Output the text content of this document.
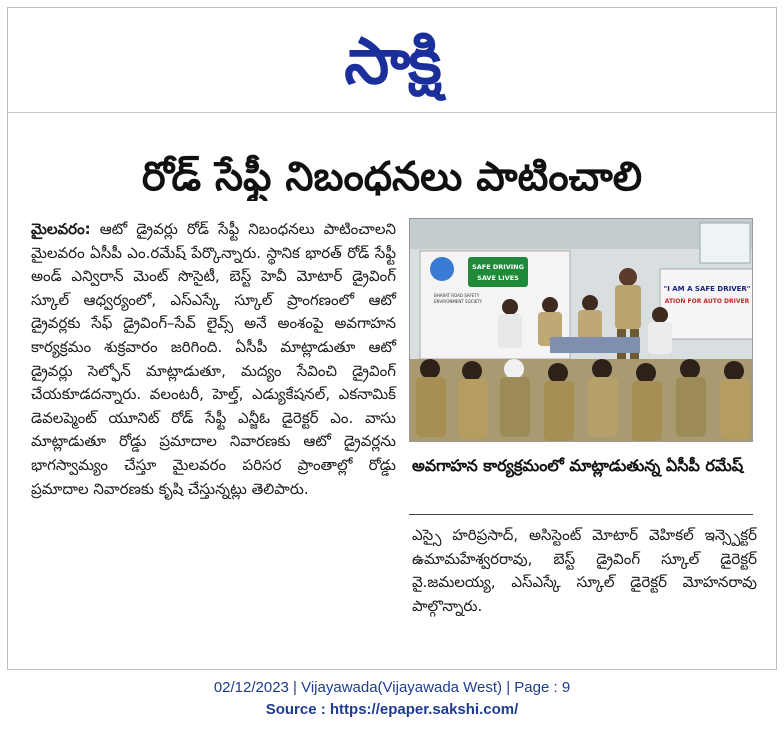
సాక్షి
రోడ్ సేఫ్టీ నిబంధనలు పాటించాలి
మైలవరం: ఆటో డ్రైవర్లు రోడ్ సేఫ్టీ నిబంధనలు పాటించాలని మైలవరం ఏసీపీ ఎం.రమేష్ పేర్కొన్నారు. స్థానిక భారత్ రోడ్ సేఫ్టీ అండ్ ఎన్విరాన్ మెంట్ సొసైటీ, బెస్ట్ హెవీ మోటార్ డ్రైవింగ్ స్కూల్ ఆధ్వర్యంలో, ఎస్ఎస్కే స్కూల్ ప్రాంగణంలో ఆటో డ్రైవర్లకు సేఫ్ డ్రైవింగ్–సేవ్ లైవ్స్ అనే అంశంపై అవగాహన కార్యక్రమం శుక్రవారం జరిగింది. ఏసీపీ మాట్లాడుతూ ఆటో డ్రైవర్లు సెల్ఫోన్ మాట్లాడుతూ, మద్యం సేవించి డ్రైవింగ్ చేయకూడదన్నారు. వలంటరీ, హెల్త్, ఎడ్యుకేషనల్, ఎకనామిక్ డెవలప్మెంట్ యూనిట్ రోడ్ సేఫ్టీ ఎన్జీఓ డైరెక్టర్ ఎం. వాసు మాట్లాడుతూ రోడ్డు ప్రమాదాల నివారణకు ఆటో డ్రైవర్లను భాగస్వామ్యం చేస్తూ మైలవరం పరిసర ప్రాంతాల్లో రోడ్డు ప్రమాదాల నివారణకు కృషి చేస్తున్నట్లు తెలిపారు.
SAFE DRIVING
SAVE LIVES
BHARAT ROAD SAFETY
ENVIRONMENT SOCIETY
"I AM A SAFE DRIVER"
ATION FOR AUTO DRIVER
అవగాహన కార్యక్రమంలో మాట్లాడుతున్న ఏసీపీ రమేష్
ఎస్సై హరిప్రసాద్, అసిస్టెంట్ మోటార్ వెహికల్ ఇన్స్పెక్టర్ ఉమామహేశ్వరరావు, బెస్ట్ డ్రైవింగ్ స్కూల్ డైరెక్టర్ వై.జమలయ్య, ఎస్ఎస్కే స్కూల్ డైరెక్టర్ మోహనరావు పాల్గొన్నారు.
02/12/2023 | Vijayawada(Vijayawada West) | Page : 9
Source : https://epaper.sakshi.com/
